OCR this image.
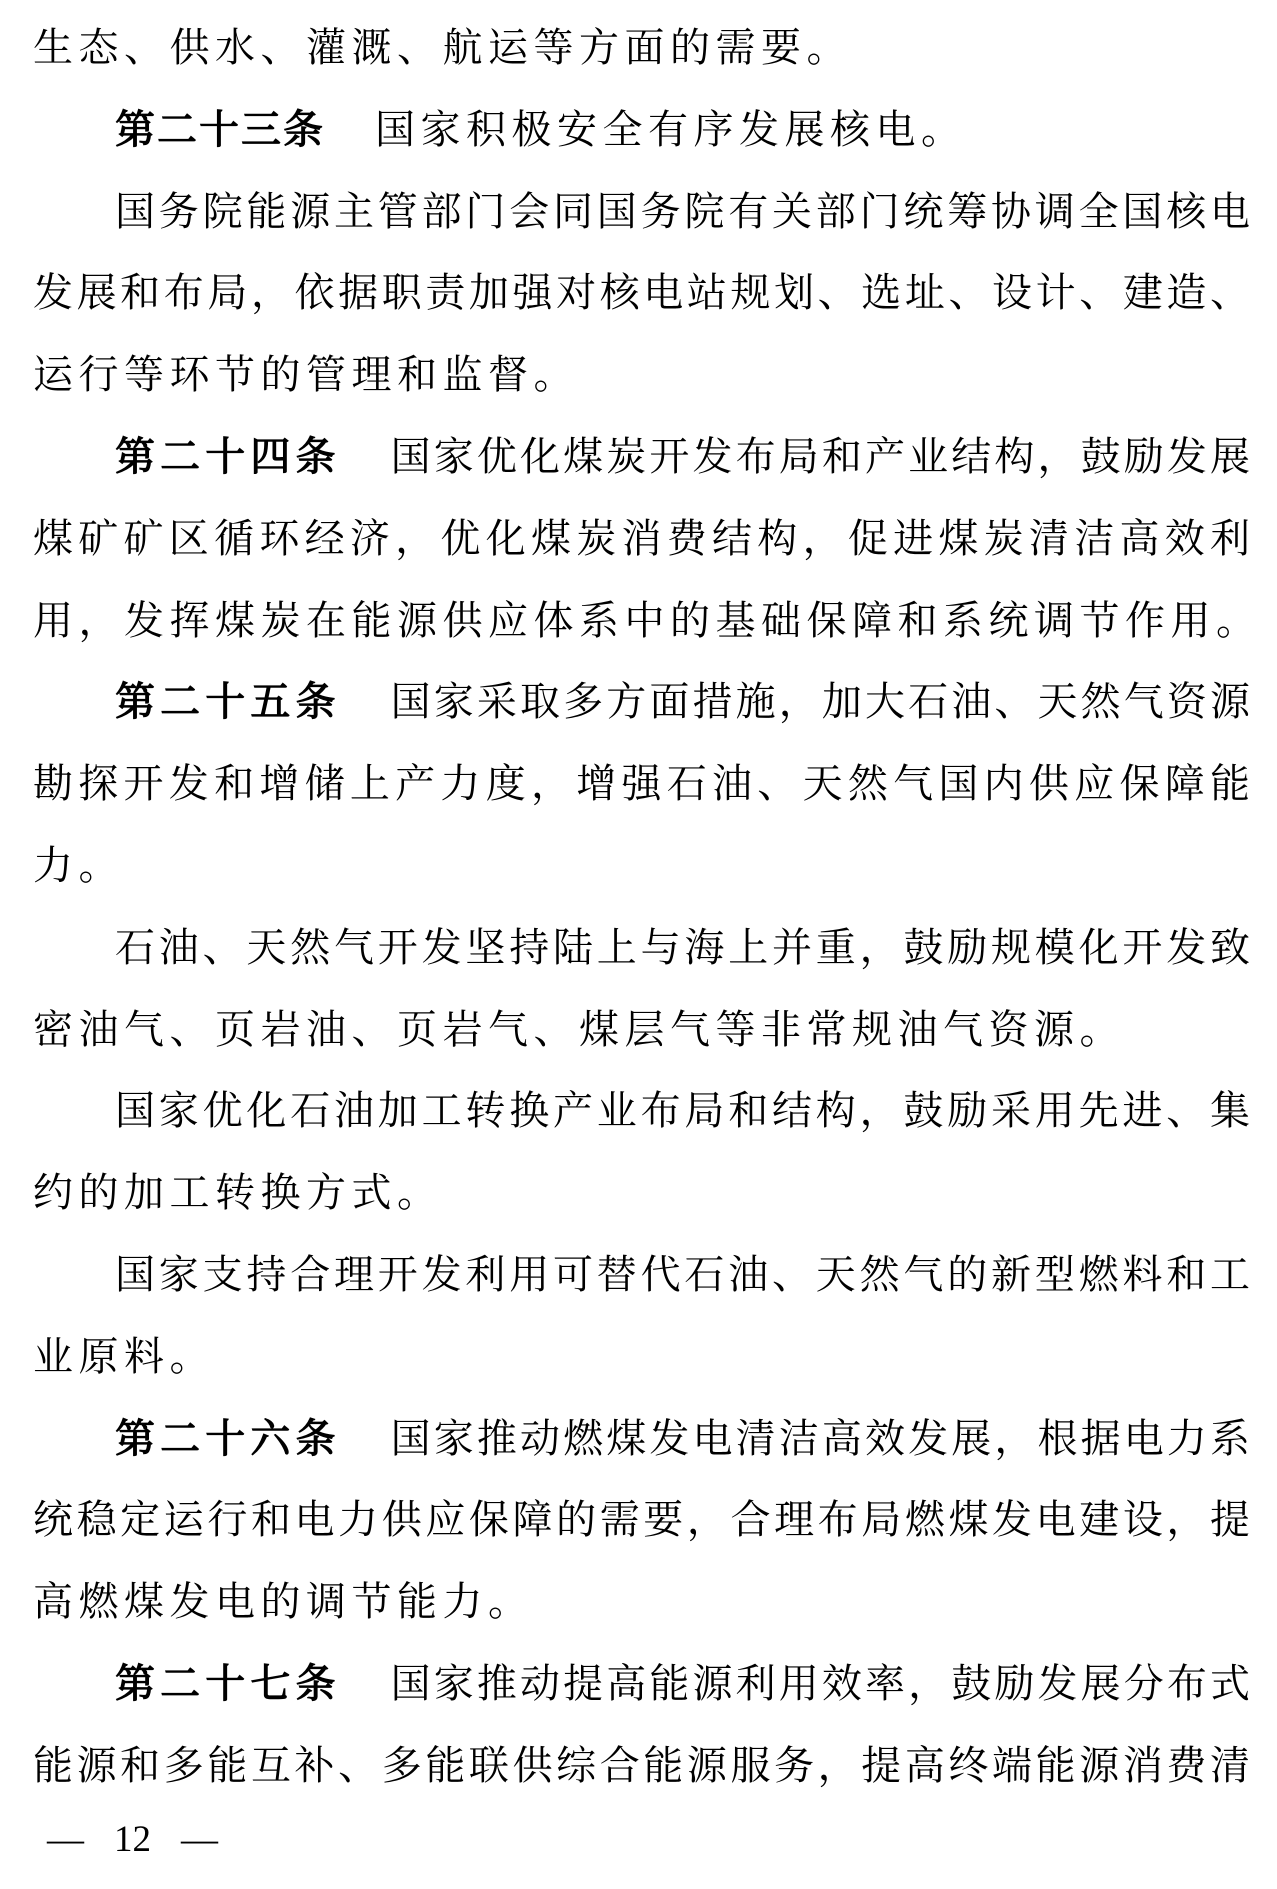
生态、供水、灌溉、航运等方面的需要。
第二十三条 国家积极安全有序发展核电。
国务院能源主管部门会同国务院有关部门统筹协调全国核电
发展和布局，依据职责加强对核电站规划、选址、设计、建造、
运行等环节的管理和监督。
第二十四条 国家优化煤炭开发布局和产业结构，鼓励发展
煤矿矿区循环经济，优化煤炭消费结构，促进煤炭清洁高效利
用，发挥煤炭在能源供应体系中的基础保障和系统调节作用。
第二十五条 国家采取多方面措施，加大石油、天然气资源
勘探开发和增储上产力度，增强石油、天然气国内供应保障能
力。
石油、天然气开发坚持陆上与海上并重，鼓励规模化开发致
密油气、页岩油、页岩气、煤层气等非常规油气资源。
国家优化石油加工转换产业布局和结构，鼓励采用先进、集
约的加工转换方式。
国家支持合理开发利用可替代石油、天然气的新型燃料和工
业原料。
第二十六条 国家推动燃煤发电清洁高效发展，根据电力系
统稳定运行和电力供应保障的需要，合理布局燃煤发电建设，提
高燃煤发电的调节能力。
第二十七条 国家推动提高能源利用效率，鼓励发展分布式
能源和多能互补、多能联供综合能源服务，提高终端能源消费清
— 12 —
